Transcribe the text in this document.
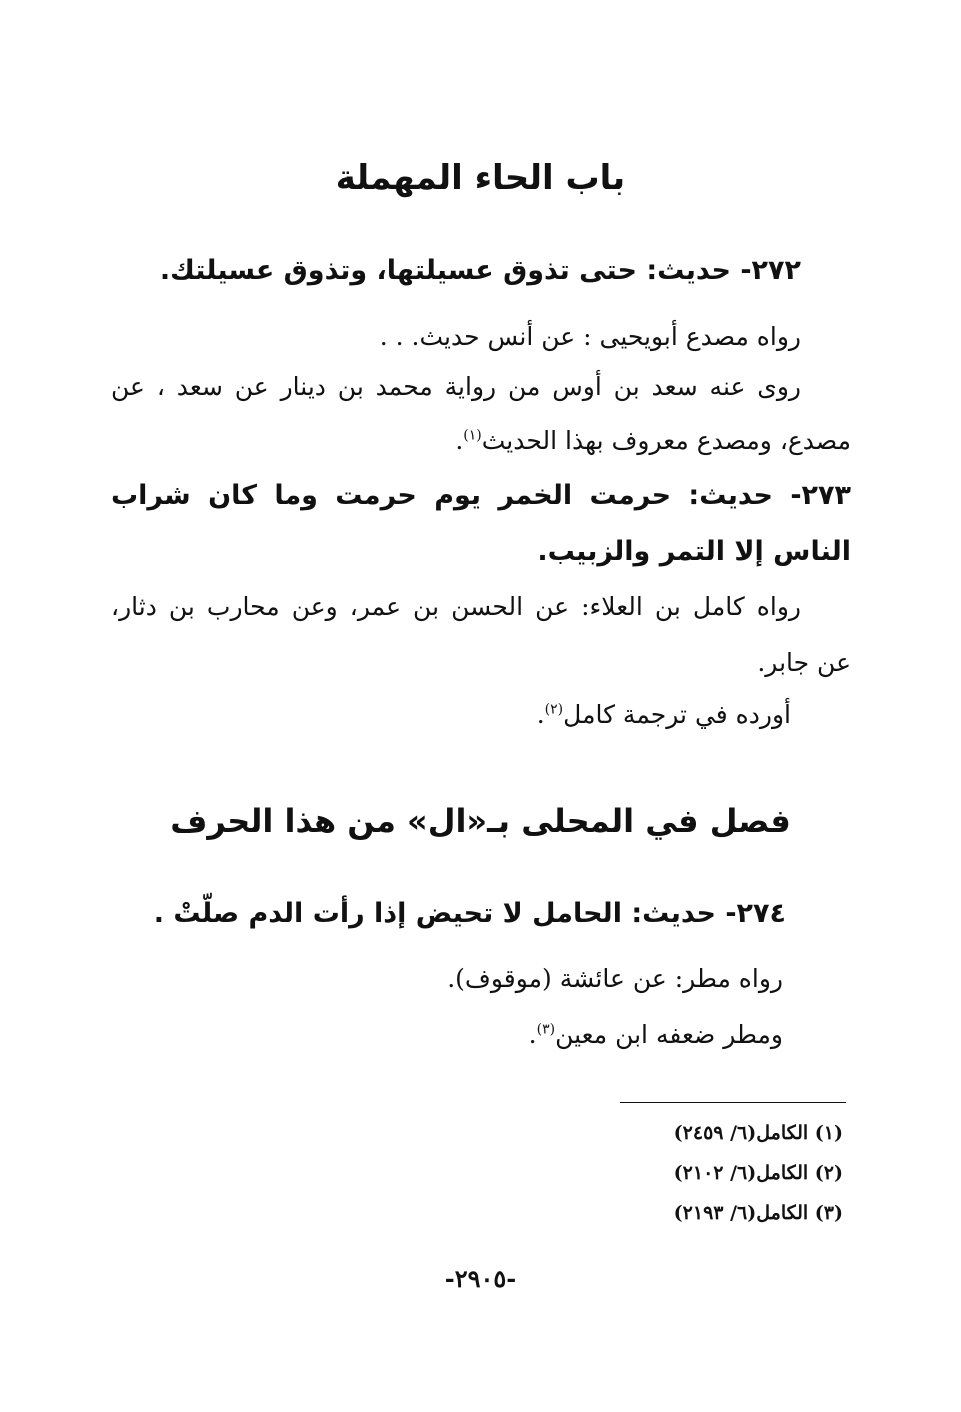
باب الحاء المهملة
٢٧٢- حديث: حتى تذوق عسيلتها، وتذوق عسيلتك.
رواه مصدع أبويحيى : عن أنس حديث. . .
روى عنه سعد بن أوس من رواية محمد بن دينار عن سعد ، عن
مصدع، ومصدع معروف بهذا الحديث$^{(١)}$.
٢٧٣- حديث: حرمت الخمر يوم حرمت وما كان شراب
الناس إلا التمر والزبيب.
رواه كامل بن العلاء: عن الحسن بن عمر، وعن محارب بن دثار،
عن جابر.
أورده في ترجمة كامل$^{(٢)}$.
فصل في المحلى بـ«ال» من هذا الحرف
٢٧٤- حديث: الحامل لا تحيض إذا رأت الدم صلّتْ .
رواه مطر: عن عائشة (موقوف).
ومطر ضعفه ابن معين$^{(٣)}$.
(١) الكامل(٦/ ٢٤٥٩)
(٢) الكامل(٦/ ٢١٠٢)
(٣) الكامل(٦/ ٢١٩٣)
-٢٩٠٥-
